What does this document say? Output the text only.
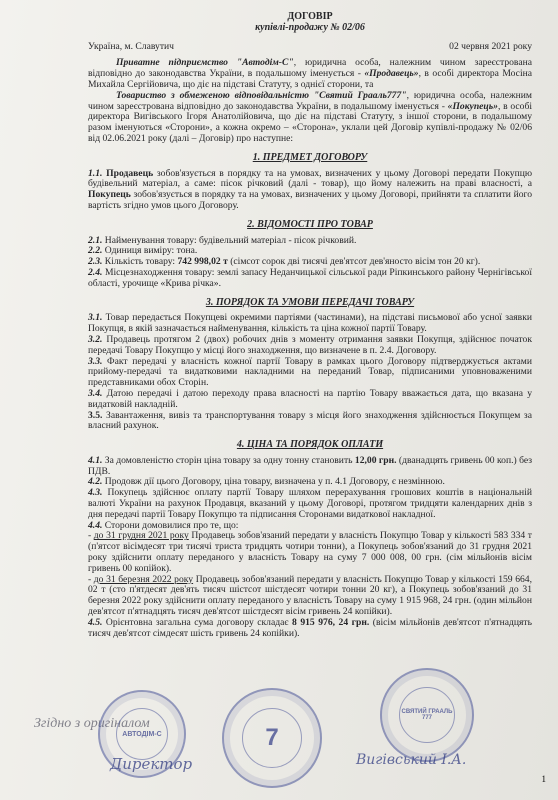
ДОГОВІР
купівлі-продажу № 02/06
Україна, м. Славутич	02 червня 2021 року

Приватне підприємство "Автодім-С", юридична особа, належним чином зареєстрована відповідно до законодавства України, в подальшому іменується - «Продавець», в особі директора Мосіна Михайла Сергійовича, що діє на підставі Статуту, з однієї сторони, та

Товариство з обмеженою відповідальністю "Святий Грааль777", юридична особа, належним чином зареєстрована відповідно до законодавства України, в подальшому іменується - «Покупець», в особі директора Вигівського Ігоря Анатолійовича, що діє на підставі Статуту, з іншої сторони, в подальшому разом іменуються «Сторони», а кожна окремо – «Сторона», уклали цей Договір купівлі-продажу № 02/06 від 02.06.2021 року (далі – Договір) про наступне:

1. ПРЕДМЕТ ДОГОВОРУ

1.1. Продавець зобов'язується в порядку та на умовах, визначених у цьому Договорі передати Покупцю будівельний матеріал, а саме: пісок річковий (далі - товар), що йому належить на праві власності, а Покупець зобов'язується в порядку та на умовах, визначених у цьому Договорі, прийняти та сплатити його вартість згідно умов цього Договору.

2. ВІДОМОСТІ ПРО ТОВАР

2.1. Найменування товару: будівельний матеріал - пісок річковий.

2.2. Одиниця виміру: тона.

2.3. Кількість товару: 742 998,02 т (сімсот сорок дві тисячі дев'ятсот дев'яносто вісім тон 20 кг).

2.4. Місцезнаходження товару: землі запасу Неданчицької сільської ради Ріпкинського району Чернігівської області, урочище «Крива річка».

3. ПОРЯДОК ТА УМОВИ ПЕРЕДАЧІ ТОВАРУ

3.1. Товар передається Покупцеві окремими партіями (частинами), на підставі письмової або усної заявки Покупця, в якій зазначається найменування, кількість та ціна кожної партії Товару.

3.2. Продавець протягом 2 (двох) робочих днів з моменту отримання заявки Покупця, здійснює початок передачі Товару Покупцю у місці його знаходження, що визначене в п. 2.4. Договору.

3.3. Факт передачі у власність кожної партії Товару в рамках цього Договору підтверджується актами прийому-передачі та видатковими накладними на переданий Товар, підписаними уповноваженими представниками обох Сторін.

3.4. Датою передачі і датою переходу права власності на партію Товару вважається дата, що вказана у видатковій накладній.

3.5. Завантаження, вивіз та транспортування товару з місця його знаходження здійснюється Покупцем за власний рахунок.

4. ЦІНА ТА ПОРЯДОК ОПЛАТИ

4.1. За домовленістю сторін ціна товару за одну тонну становить 12,00 грн. (дванадцять гривень 00 коп.) без ПДВ.

4.2. Продовж дії цього Договору, ціна товару, визначена у п. 4.1 Договору, є незмінною.

4.3. Покупець здійснює оплату партії Товару шляхом перерахування грошових коштів в національній валюті України на рахунок Продавця, вказаний у цьому Договорі, протягом тридцяти календарних днів з дня передачі партії Товару Покупцю та підписання Сторонами видаткової накладної.

4.4. Сторони домовилися про те, що:

- до 31 грудня 2021 року Продавець зобов'язаний передати у власність Покупцю Товар у кількості 583 334 т (п'ятсот вісімдесят три тисячі триста тридцять чотири тонни), а Покупець зобов'язаний до 31 грудня 2021 року здійснити оплату переданого у власність Товару на суму 7 000 008, 00 грн. (сім мільйонів вісім гривень 00 копійок).

- до 31 березня 2022 року Продавець зобов'язаний передати у власність Покупцю Товар у кількості 159 664, 02 т (сто п'ятдесят дев'ять тисяч шістсот шістдесят чотири тонни 20 кг), а Покупець зобов'язаний до 31 березня 2022 року здійснити оплату переданого у власність Товару на суму 1 915 968, 24 грн. (один мільйон дев'ятсот п'ятнадцять тисяч дев'ятсот шістдесят вісім гривень 24 копійки).

4.5. Орієнтовна загальна сума договору складає 8 915 976, 24 грн. (вісім мільйонів дев'ятсот п'ятнадцять тисяч дев'ятсот сімдесят шість гривень 24 копійки).

Згідно з оригіналом
АВТОДІМ-С	7
СВЯТИЙ ГРААЛЬ 777
Директор	Вигівський І.А.
1
